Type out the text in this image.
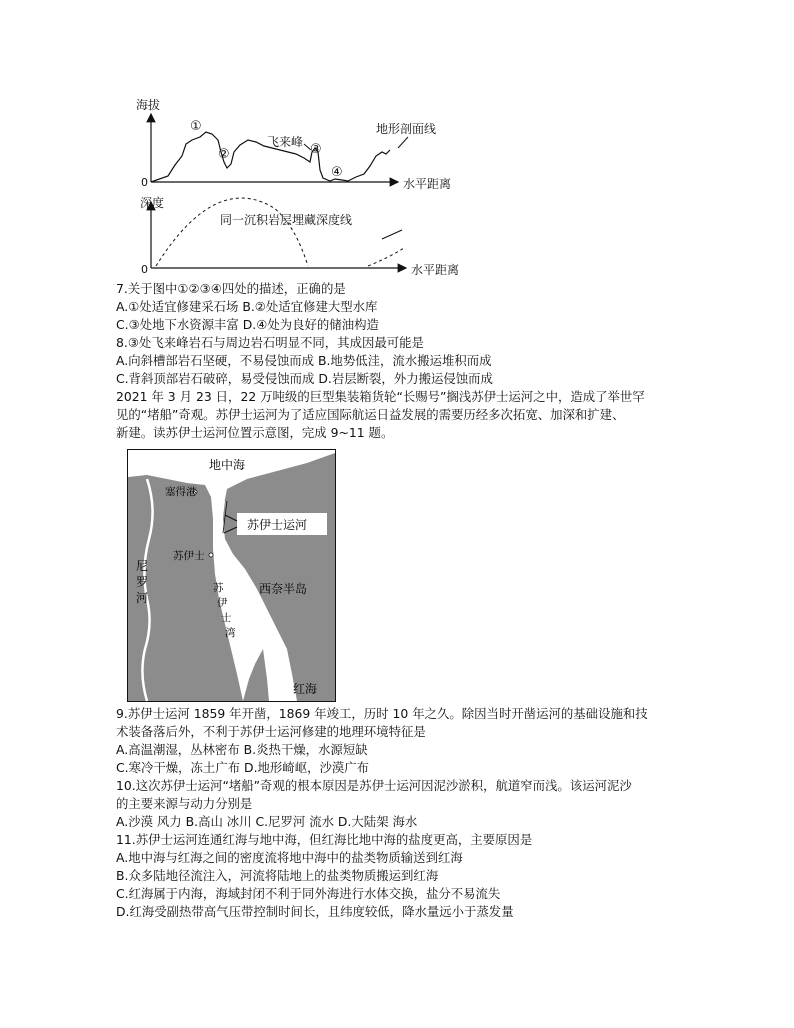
海拔
0	水平距离
①
②	③
④
飞来峰
地形剖面线
深度
0	水平距离
同一沉积岩层埋藏深度线
7.关于图中①②③④四处的描述，正确的是
A.①处适宜修建采石场 B.②处适宜修建大型水库
C.③处地下水资源丰富 D.④处为良好的储油构造
8.③处飞来峰岩石与周边岩石明显不同，其成因最可能是
A.向斜槽部岩石坚硬，不易侵蚀而成 B.地势低洼，流水搬运堆积而成
C.背斜顶部岩石破碎，易受侵蚀而成 D.岩层断裂，外力搬运侵蚀而成
2021 年 3 月 23 日，22 万吨级的巨型集装箱货轮“长赐号”搁浅苏伊士运河之中，造成了举世罕
见的“堵船”奇观。苏伊士运河为了适应国际航运日益发展的需要历经多次拓宽、加深和扩建、
新建。读苏伊士运河位置示意图，完成 9~11 题。
地中海
塞得港
苏伊士运河
苏伊士
尼
罗
河
西奈半岛
苏
伊
士
湾
红海
9.苏伊士运河 1859 年开凿，1869 年竣工，历时 10 年之久。除因当时开凿运河的基础设施和技
术装备落后外，不利于苏伊士运河修建的地理环境特征是
A.高温潮湿，丛林密布 B.炎热干燥，水源短缺
C.寒冷干燥，冻土广布 D.地形崎岖，沙漠广布
10.这次苏伊士运河“堵船”奇观的根本原因是苏伊士运河因泥沙淤积，航道窄而浅。该运河泥沙
的主要来源与动力分别是
A.沙漠 风力 B.高山 冰川 C.尼罗河 流水 D.大陆架 海水
11.苏伊士运河连通红海与地中海，但红海比地中海的盐度更高，主要原因是
A.地中海与红海之间的密度流将地中海中的盐类物质输送到红海
B.众多陆地径流注入，河流将陆地上的盐类物质搬运到红海
C.红海属于内海，海域封闭不利于同外海进行水体交换，盐分不易流失
D.红海受副热带高气压带控制时间长，且纬度较低，降水量远小于蒸发量
